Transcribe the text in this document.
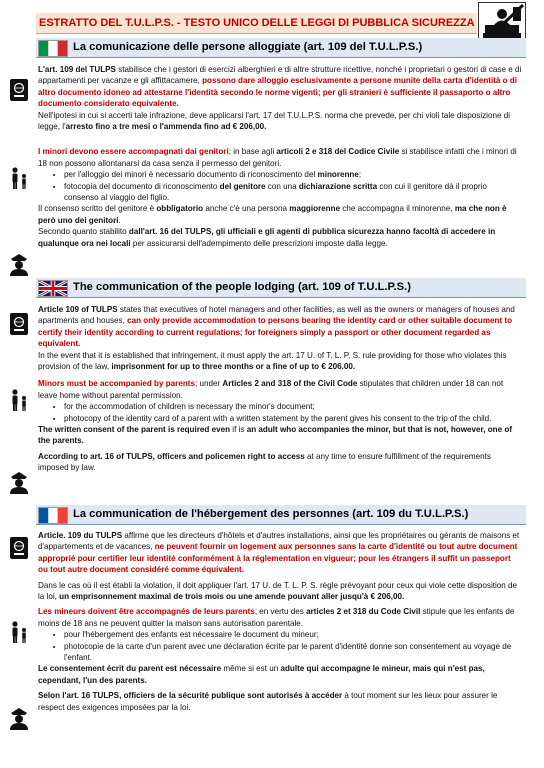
ESTRATTO DEL T.U.L.P.S. - TESTO UNICO DELLE LEGGI DI PUBBLICA SICUREZZA
La comunicazione delle persone alloggiate (art. 109 del T.U.L.P.S.)

L'art. 109 del TULPS stabilisce che i gestori di esercizi alberghieri e di altre strutture ricettive, nonché i proprietari o gestori di case e di appartamenti per vacanze e gli affittacamere, possono dare alloggio esclusivamente a persone munite della carta d'identità o di altro documento idoneo ad attestarne l'identità secondo le norme vigenti; per gli stranieri è sufficiente il passaporto o altro documento considerato equivalente.

Nell'ipotesi in cui si accerti tale infrazione, deve applicarsi l'art. 17 del T.U.L.P.S. norma che prevede, per chi violi tale disposizione di legge, l'arresto fino a tre mesi o l'ammenda fino ad € 206,00.

I minori devono essere accompagnati dai genitori; in base agli articoli 2 e 318 del Codice Civile si stabilisce infatti che i minori di 18 non possono allontanarsi da casa senza il permesso dei genitori.

• per l'alloggio dei minori è necessario documento di riconoscimento del minorenne;
• fotocopia del documento di riconoscimento del genitore con una dichiarazione scritta con cui il genitore dà il proprio consenso al viaggio del figlio.

Il consenso scritto del genitore è obbligatorio anche c'è una persona maggiorenne che accompagna il minorenne, ma che non è però uno dei genitori.

Secondo quanto stabilito dall'art. 16 del TULPS, gli ufficiali e gli agenti di pubblica sicurezza hanno facoltà di accedere in qualunque ora nei locali per assicurarsi dell'adempimento delle prescrizioni imposte dalla legge.

The communication of the people lodging (art. 109 of T.U.L.P.S.)

Article 109 of TULPS states that executives of hotel managers and other facilities, as well as the owners or managers of houses and apartments and houses, can only provide accommodation to persons bearing the identity card or other suitable document to certify their identity according to current regulations; for foreigners simply a passport or other document regarded as equivalent.

In the event that it is established that infringement, it must apply the art. 17 U. of T. L. P. S. rule providing for those who violates this provision of the law, imprisonment for up to three months or a fine of up to € 206.00.

Minors must be accompanied by parents; under Articles 2 and 318 of the Civil Code stipulates that children under 18 can not leave home without parental permission.

• for the accommodation of children is necessary the minor's document;
• photocopy of the identity card of a parent with a written statement by the parent gives his consent to the trip of the child.

The written consent of the parent is required even if is an adult who accompanies the minor, but that is not, however, one of the parents.

According to art. 16 of TULPS, officers and policemen right to access at any time to ensure fulfillment of the requirements imposed by law.

La communication de l'hébergement des personnes (art. 109 du T.U.L.P.S.)

Article. 109 du TULPS affirme que les directeurs d'hôtels et d'autres installations, ainsi que les propriétaires ou gérants de maisons et d'appartements et de vacances, ne peuvent fournir un logement aux personnes sans la carte d'identité ou tout autre document approprié pour certifier leur identité conformément à la réglementation en vigueur; pour les étrangers il suffit un passeport ou tout autre document considéré comme équivalent.

Dans le cas où il est établi la violation, il doit appliquer l'art. 17 U. de T. L. P. S. règle prévoyant pour ceux qui viole cette disposition de la loi, un emprisonnement maximal de trois mois ou une amende pouvant aller jusqu'à € 206,00.

Les mineurs doivent être accompagnés de leurs parents; en vertu des articles 2 et 318 du Code Civil stipule que les enfants de moins de 18 ans ne peuvent quitter la maison sans autorisation parentale.

• pour l'hébergement des enfants est nécessaire le document du mineur;
• photocopie de la carte d'un parent avec une déclaration écrite par le parent d'identité donne son consentement au voyage de l'enfant.

Le consentement écrit du parent est nécessaire même si est un adulte qui accompagne le mineur, mais qui n'est pas, cependant, l'un des parents.

Selon l'art. 16 TULPS, officiers de la sécurité publique sont autorisés à accéder à tout moment sur les lieux pour assurer le respect des exigences imposées par la loi.
